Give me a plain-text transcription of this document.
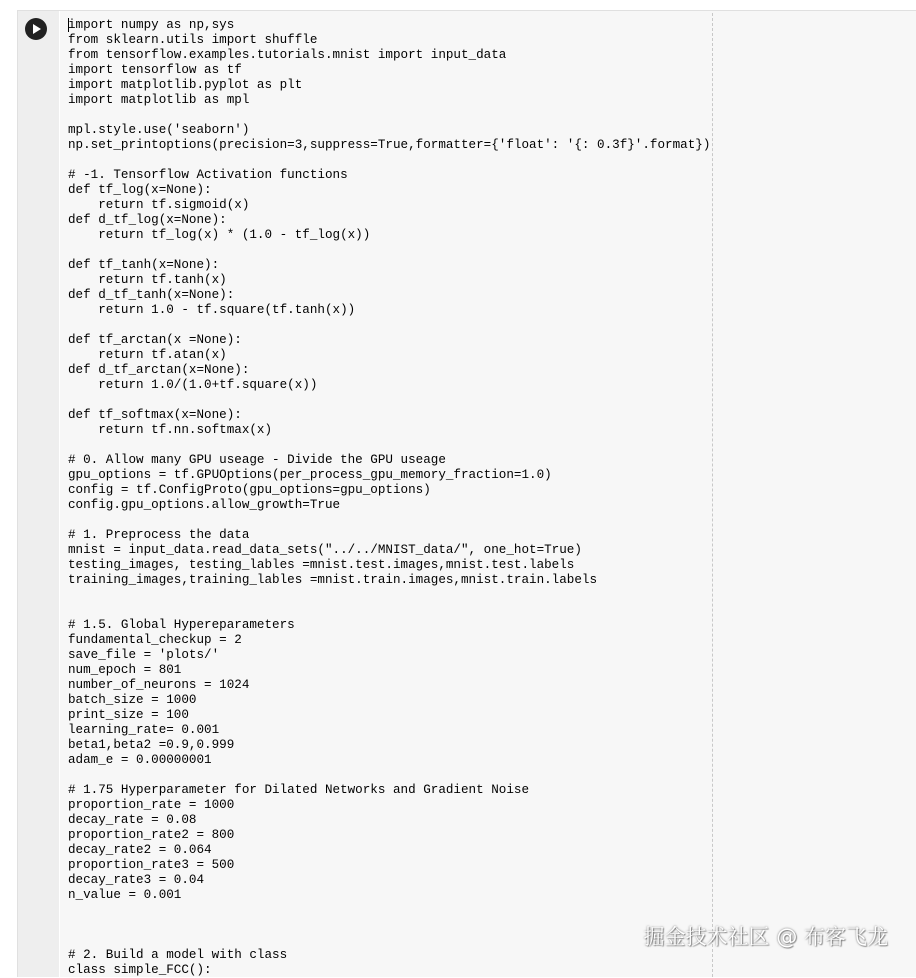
import numpy as np,sys
from sklearn.utils import shuffle
from tensorflow.examples.tutorials.mnist import input_data
import tensorflow as tf
import matplotlib.pyplot as plt
import matplotlib as mpl
mpl.style.use('seaborn')
np.set_printoptions(precision=3,suppress=True,formatter={'float': '{: 0.3f}'.format})
# -1. Tensorflow Activation functions
def tf_log(x=None):
return tf.sigmoid(x)
def d_tf_log(x=None):
return tf_log(x) * (1.0 - tf_log(x))
def tf_tanh(x=None):
return tf.tanh(x)
def d_tf_tanh(x=None):
return 1.0 - tf.square(tf.tanh(x))
def tf_arctan(x =None):
return tf.atan(x)
def d_tf_arctan(x=None):
return 1.0/(1.0+tf.square(x))
def tf_softmax(x=None):
return tf.nn.softmax(x)
# 0. Allow many GPU useage - Divide the GPU useage
gpu_options = tf.GPUOptions(per_process_gpu_memory_fraction=1.0)
config = tf.ConfigProto(gpu_options=gpu_options)
config.gpu_options.allow_growth=True
# 1. Preprocess the data
mnist = input_data.read_data_sets("../../MNIST_data/", one_hot=True)
testing_images, testing_lables =mnist.test.images,mnist.test.labels
training_images,training_lables =mnist.train.images,mnist.train.labels
# 1.5. Global Hypereparameters
fundamental_checkup = 2
save_file = 'plots/'
num_epoch = 801
number_of_neurons = 1024
batch_size = 1000
print_size = 100
learning_rate= 0.001
beta1,beta2 =0.9,0.999
adam_e = 0.00000001
# 1.75 Hyperparameter for Dilated Networks and Gradient Noise
proportion_rate = 1000
decay_rate = 0.08
proportion_rate2 = 800
decay_rate2 = 0.064
proportion_rate3 = 500
decay_rate3 = 0.04
n_value = 0.001
# 2. Build a model with class
class simple_FCC():
掘金技术社区 @ 布客飞龙
